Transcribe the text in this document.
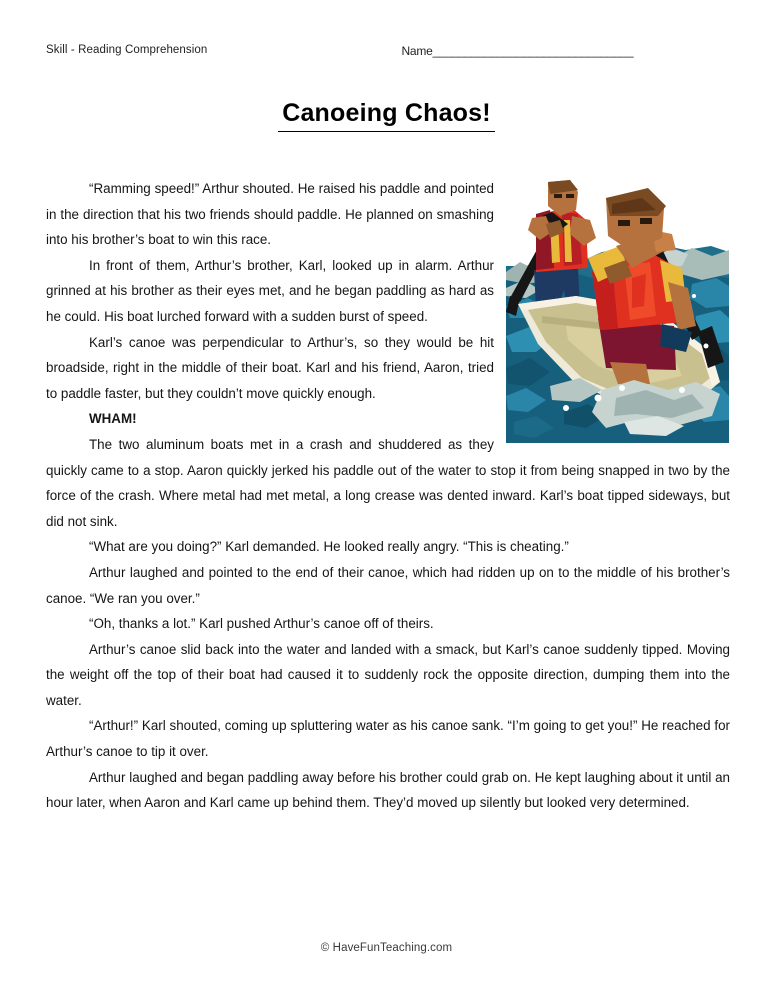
Skill - Reading Comprehension	Name_______________________________
Canoeing Chaos!

“Ramming speed!” Arthur shouted. He raised his paddle and pointed in the direction that his two friends should paddle. He planned on smashing into his brother’s boat to win this race.

In front of them, Arthur’s brother, Karl, looked up in alarm. Arthur grinned at his brother as their eyes met, and he began paddling as hard as he could. His boat lurched forward with a sudden burst of speed.

Karl’s canoe was perpendicular to Arthur’s, so they would be hit broadside, right in the middle of their boat. Karl and his friend, Aaron, tried to paddle faster, but they couldn’t move quickly enough.

WHAM!

The two aluminum boats met in a crash and shuddered as they quickly came to a stop. Aaron quickly jerked his paddle out of the water to stop it from being snapped in two by the force of the crash. Where metal had met metal, a long crease was dented inward. Karl’s boat tipped sideways, but did not sink.

“What are you doing?” Karl demanded. He looked really angry. “This is cheating.”

Arthur laughed and pointed to the end of their canoe, which had ridden up on to the middle of his brother’s canoe. “We ran you over.”

“Oh, thanks a lot.” Karl pushed Arthur’s canoe off of theirs.

Arthur’s canoe slid back into the water and landed with a smack, but Karl’s canoe suddenly tipped. Moving the weight off the top of their boat had caused it to suddenly rock the opposite direction, dumping them into the water.

“Arthur!” Karl shouted, coming up spluttering water as his canoe sank. “I’m going to get you!” He reached for Arthur’s canoe to tip it over.

Arthur laughed and began paddling away before his brother could grab on. He kept laughing about it until an hour later, when Aaron and Karl came up behind them. They’d moved up silently but looked very determined.

© HaveFunTeaching.com
